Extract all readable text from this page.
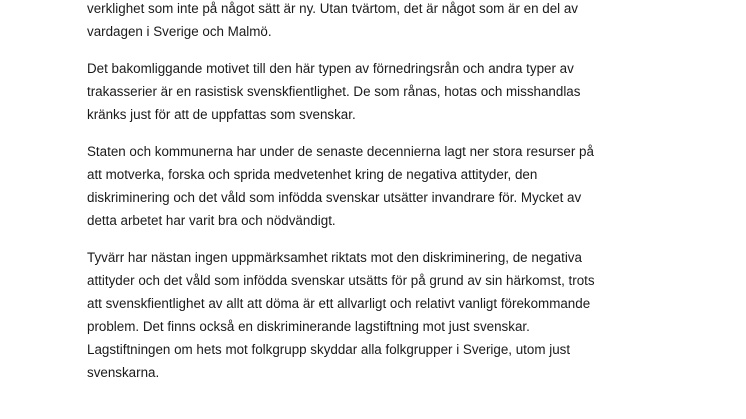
verklighet som inte på något sätt är ny. Utan tvärtom, det är något som är en del av
vardagen i Sverige och Malmö.

Det bakomliggande motivet till den här typen av förnedringsrån och andra typer av
trakasserier är en rasistisk svenskfientlighet. De som rånas, hotas och misshandlas
kränks just för att de uppfattas som svenskar.

Staten och kommunerna har under de senaste decennierna lagt ner stora resurser på
att motverka, forska och sprida medvetenhet kring de negativa attityder, den
diskriminering och det våld som infödda svenskar utsätter invandrare för. Mycket av
detta arbetet har varit bra och nödvändigt.

Tyvärr har nästan ingen uppmärksamhet riktats mot den diskriminering, de negativa
attityder och det våld som infödda svenskar utsätts för på grund av sin härkomst, trots
att svenskfientlighet av allt att döma är ett allvarligt och relativt vanligt förekommande
problem. Det finns också en diskriminerande lagstiftning mot just svenskar.
Lagstiftningen om hets mot folkgrupp skyddar alla folkgrupper i Sverige, utom just
svenskarna.
